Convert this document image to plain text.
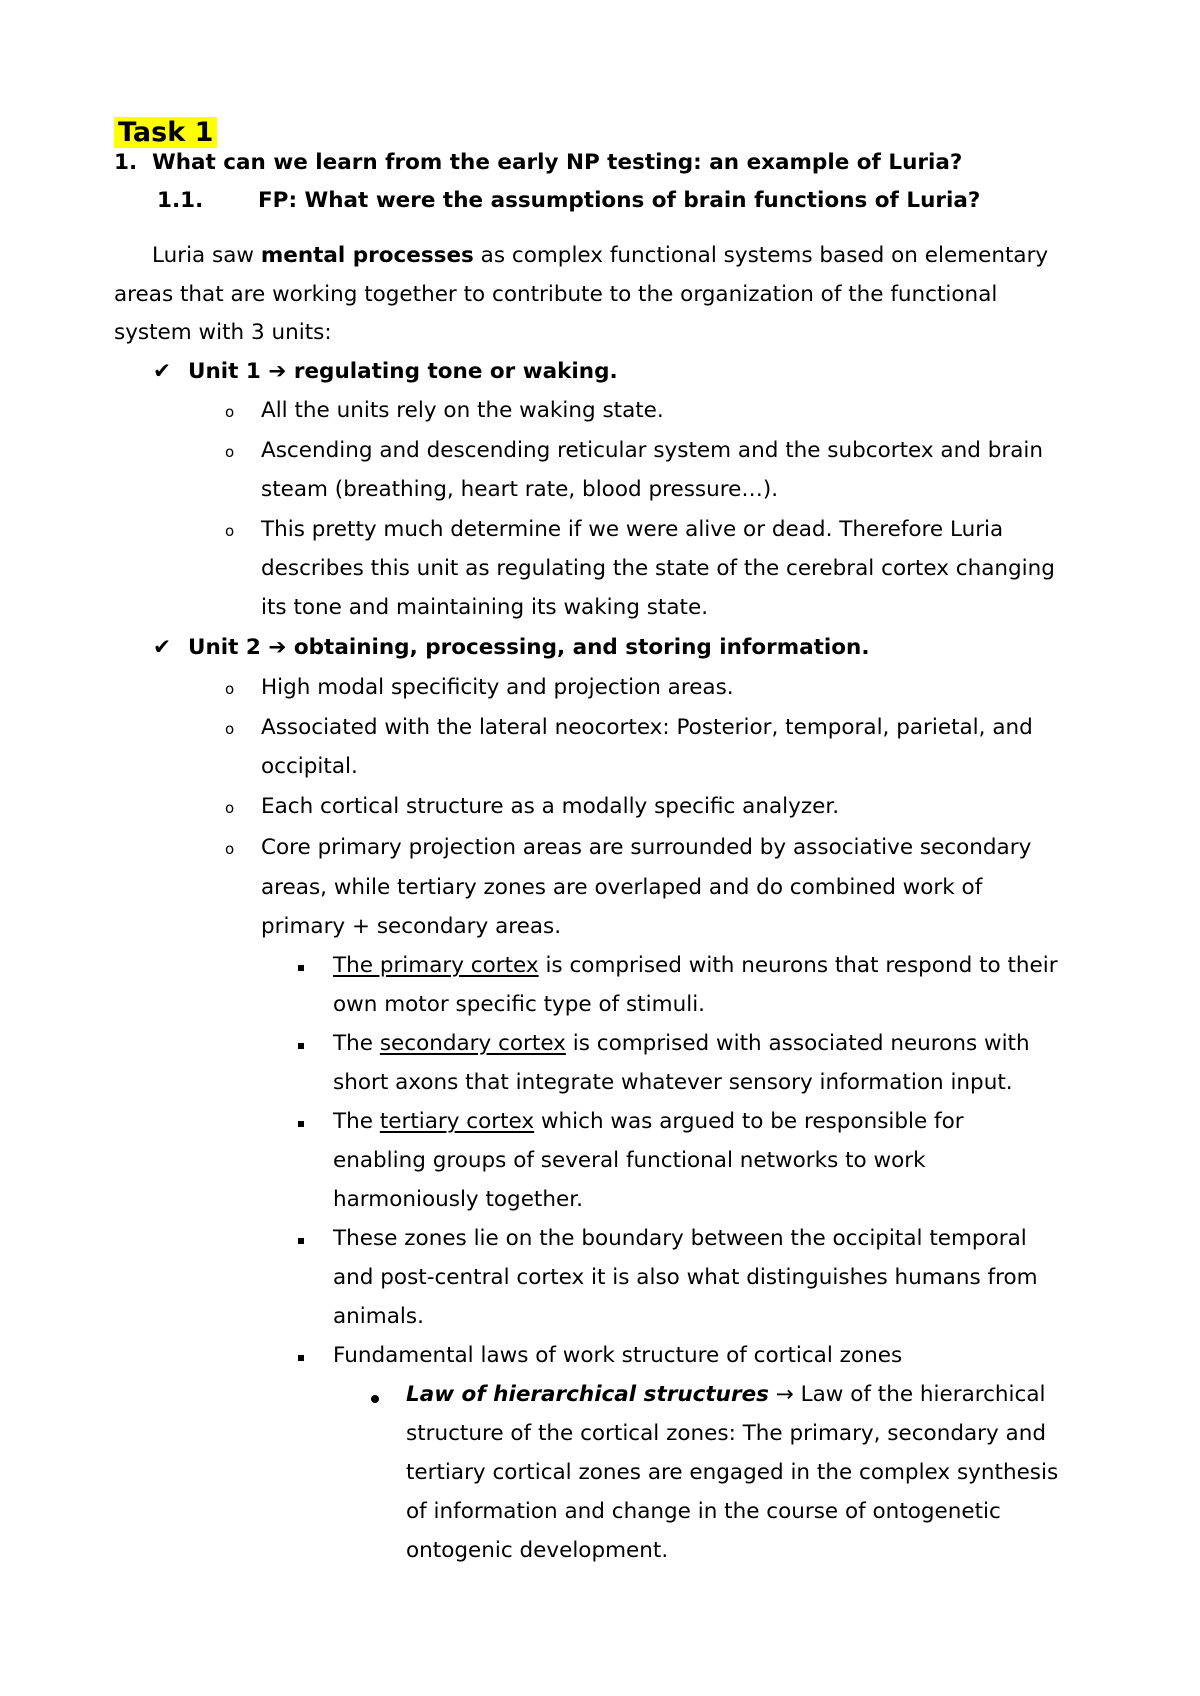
Task 1
1. What can we learn from the early NP testing: an example of Luria?
1.1.	FP: What were the assumptions of brain functions of Luria?
Luria saw mental processes as complex functional systems based on elementary
areas that are working together to contribute to the organization of the functional
system with 3 units:
✔ Unit 1 ➔ regulating tone or waking.
o All the units rely on the waking state.
o Ascending and descending reticular system and the subcortex and brain
steam (breathing, heart rate, blood pressure…).
o This pretty much determine if we were alive or dead. Therefore Luria
describes this unit as regulating the state of the cerebral cortex changing
its tone and maintaining its waking state.
✔ Unit 2 ➔ obtaining, processing, and storing information.
o High modal specificity and projection areas.
o Associated with the lateral neocortex: Posterior, temporal, parietal, and
occipital.
o Each cortical structure as a modally specific analyzer.
o Core primary projection areas are surrounded by associative secondary
areas, while tertiary zones are overlaped and do combined work of
primary + secondary areas.
The primary cortex is comprised with neurons that respond to their
own motor specific type of stimuli.
The secondary cortex is comprised with associated neurons with
short axons that integrate whatever sensory information input.
The tertiary cortex which was argued to be responsible for
enabling groups of several functional networks to work
harmoniously together.
These zones lie on the boundary between the occipital temporal
and post-central cortex it is also what distinguishes humans from
animals.
Fundamental laws of work structure of cortical zones
Law of hierarchical structures → Law of the hierarchical
structure of the cortical zones: The primary, secondary and
tertiary cortical zones are engaged in the complex synthesis
of information and change in the course of ontogenetic
ontogenic development.
